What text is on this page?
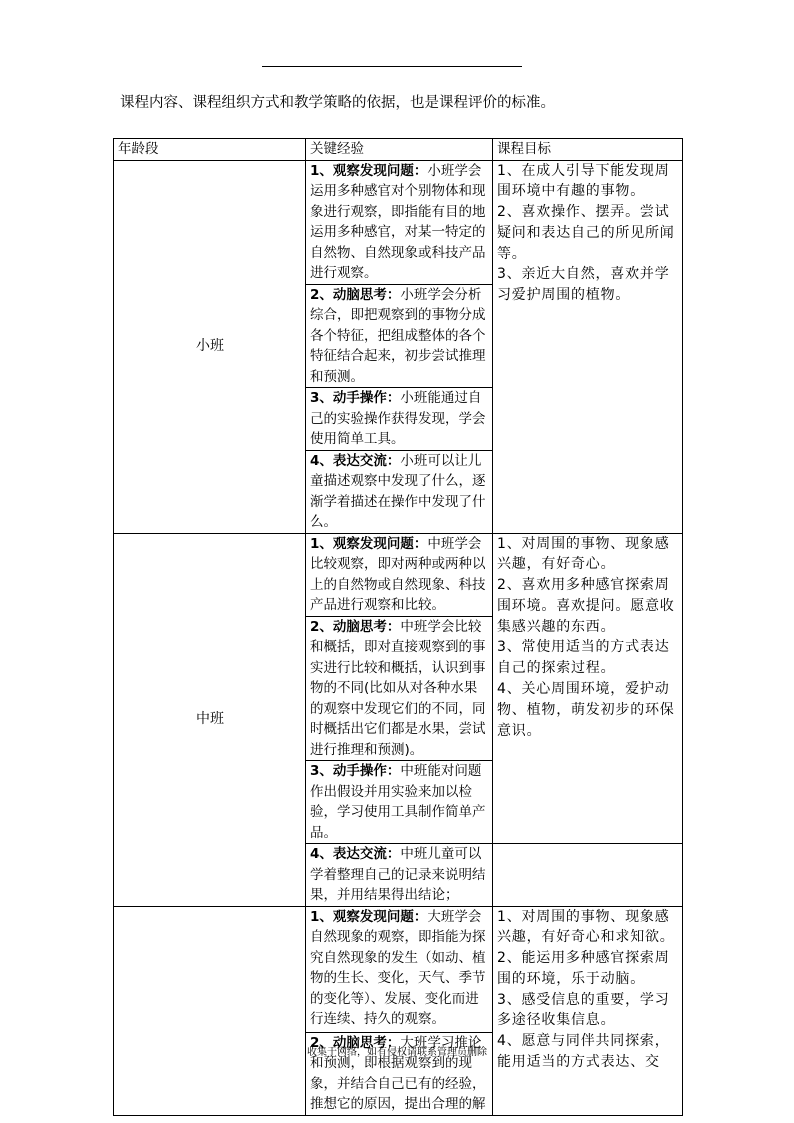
课程内容、课程组织方式和教学策略的依据，也是课程评价的标准。
年龄段	关键经验	课程目标
小班	1、观察发现问题：小班学会运用多种感官对个别物体和现象进行观察，即指能有目的地运用多种感官，对某一特定的自然物、自然现象或科技产品进行观察。	1、在成人引导下能发现周围环境中有趣的事物。
2、喜欢操作、摆弄。尝试疑问和表达自己的所见所闻等。
3、亲近大自然，喜欢并学习爱护周围的植物。

	2、动脑思考：小班学会分析综合，即把观察到的事物分成各个特征，把组成整体的各个特征结合起来，初步尝试推理和预测。	
	3、动手操作：小班能通过自己的实验操作获得发现，学会使用简单工具。	
	4、表达交流：小班可以让儿童描述观察中发现了什么，逐渐学着描述在操作中发现了什么。	
中班	1、观察发现问题：中班学会比较观察，即对两种或两种以上的自然物或自然现象、科技产品进行观察和比较。	1、对周围的事物、现象感兴趣，有好奇心。
2、喜欢用多种感官探索周围环境。喜欢提问。愿意收集感兴趣的东西。
3、常使用适当的方式表达自己的探索过程。
4、关心周围环境，爱护动物、植物，萌发初步的环保意识。

	2、动脑思考：中班学会比较和概括，即对直接观察到的事实进行比较和概括，认识到事物的不同(比如从对各种水果的观察中发现它们的不同，同时概括出它们都是水果，尝试进行推理和预测)。	
	3、动手操作：中班能对问题作出假设并用实验来加以检验，学习使用工具制作简单产品。	
	4、表达交流：中班儿童可以学着整理自己的记录来说明结果，并用结果得出结论；	
	1、观察发现问题：大班学会自然现象的观察，即指能为探究自然现象的发生（如动、植物的生长、变化，天气、季节的变化等）、发展、变化而进行连续、持久的观察。	1、对周围的事物、现象感兴趣，有好奇心和求知欲。
2、能运用多种感官探索周围的环境，乐于动脑。
3、感受信息的重要，学习多途径收集信息。
4、愿意与同伴共同探索，能用适当的方式表达、交

	2、动脑思考：大班学习推论和预测，即根据观察到的现象，并结合自己已有的经验，推想它的原因，提出合理的解	
收集于网络，如有侵权请联系管理员删除
